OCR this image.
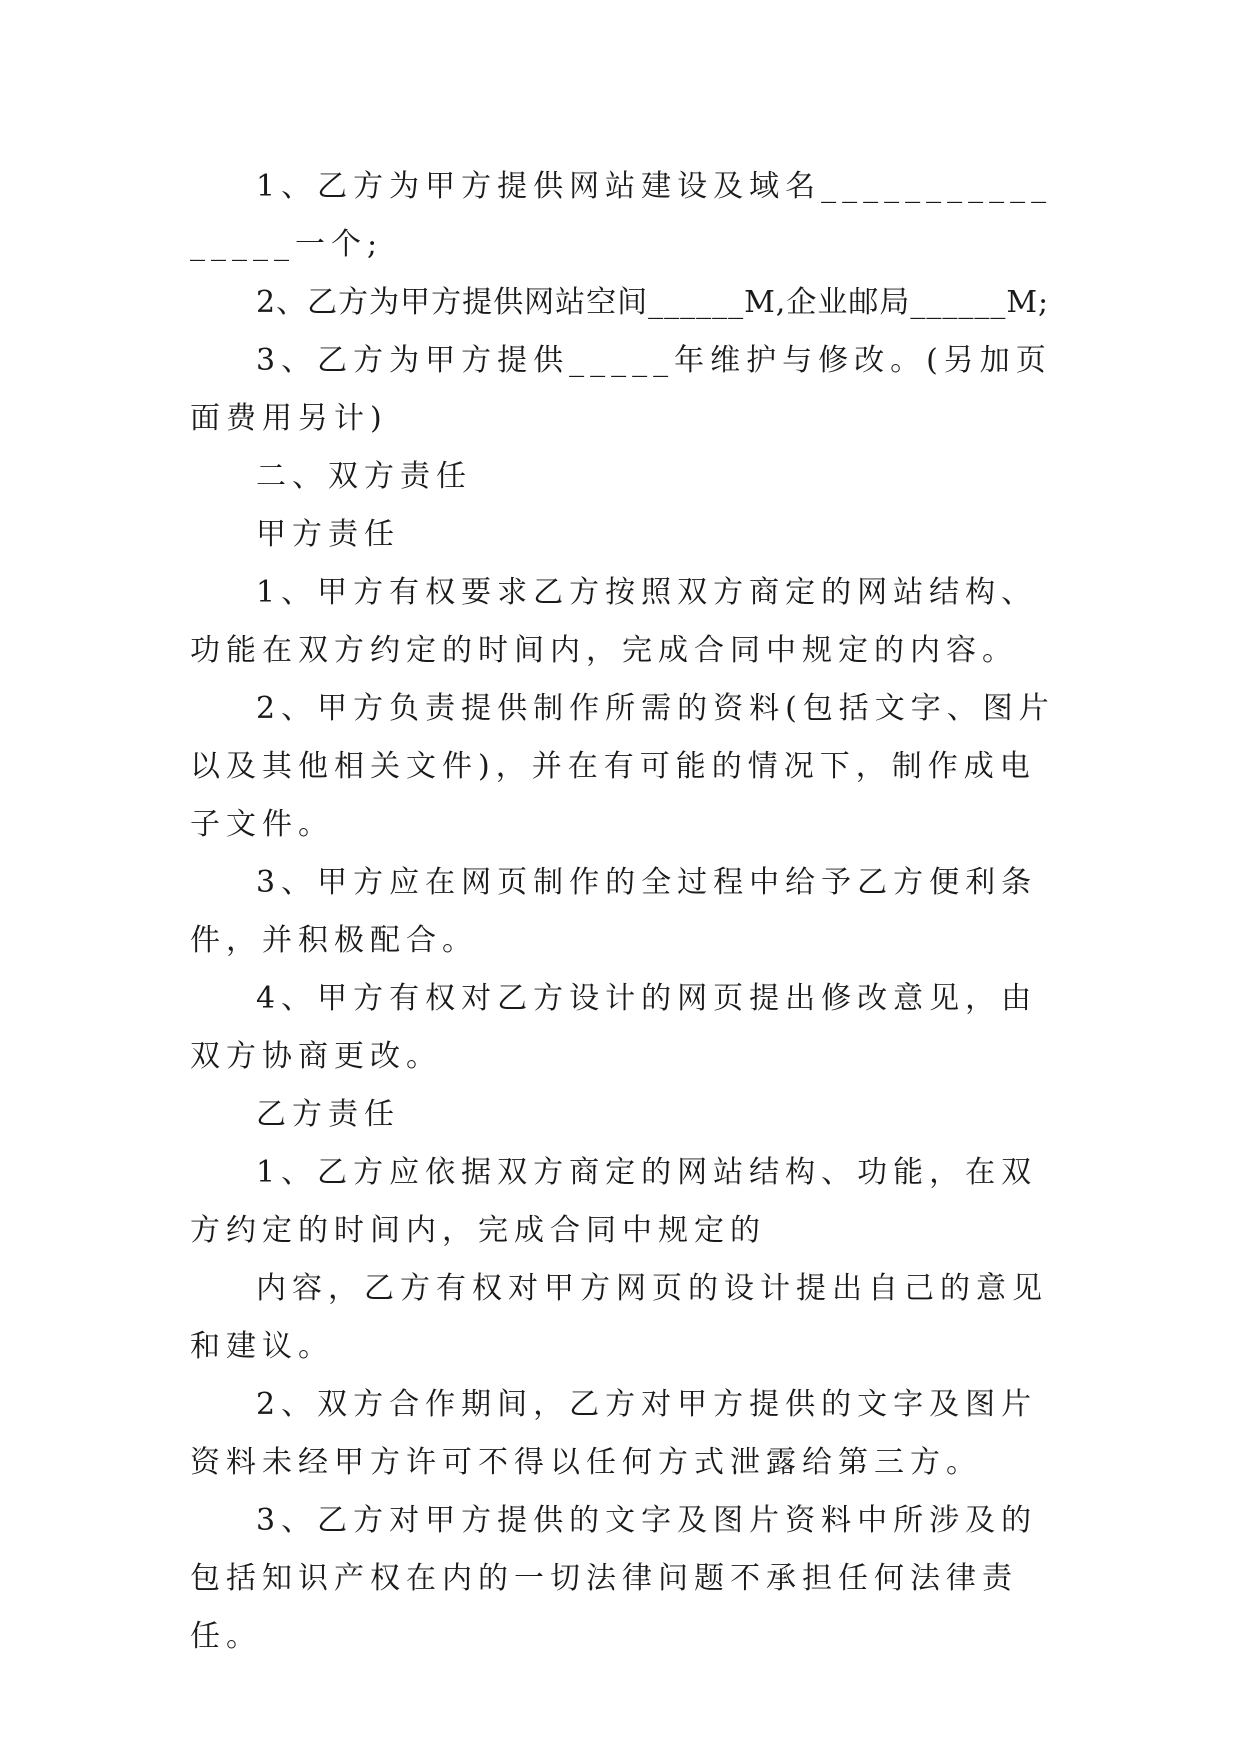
1、乙方为甲方提供网站建设及域名________________一个;

2、乙方为甲方提供网站空间______M,企业邮局______M;

3、乙方为甲方提供_____年维护与修改。(另加页面费用另计)

二、双方责任

甲方责任

1、甲方有权要求乙方按照双方商定的网站结构、功能在双方约定的时间内，完成合同中规定的内容。

2、甲方负责提供制作所需的资料(包括文字、图片以及其他相关文件)，并在有可能的情况下，制作成电子文件。

3、甲方应在网页制作的全过程中给予乙方便利条件，并积极配合。

4、甲方有权对乙方设计的网页提出修改意见，由双方协商更改。

乙方责任

1、乙方应依据双方商定的网站结构、功能，在双方约定的时间内，完成合同中规定的

内容，乙方有权对甲方网页的设计提出自己的意见和建议。

2、双方合作期间，乙方对甲方提供的文字及图片资料未经甲方许可不得以任何方式泄露给第三方。

3、乙方对甲方提供的文字及图片资料中所涉及的包括知识产权在内的一切法律问题不承担任何法律责任。
